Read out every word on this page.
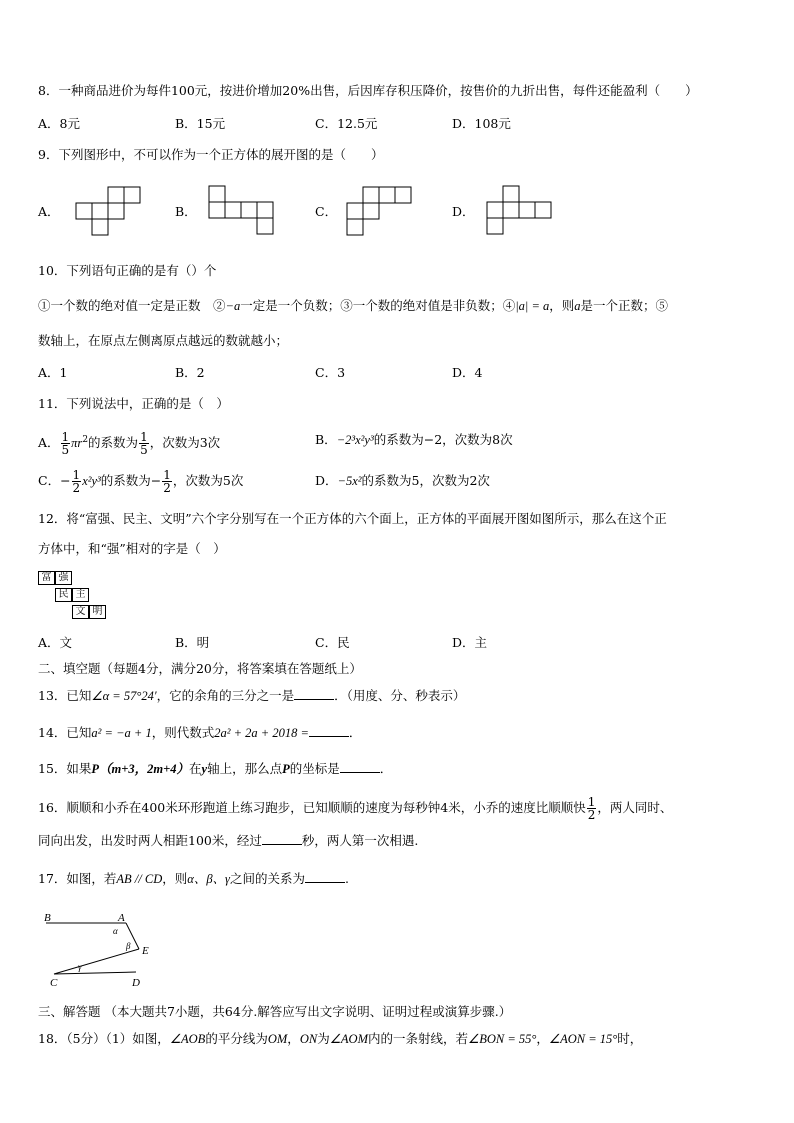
8．一种商品进价为每件100元，按进价增加20%出售，后因库存积压降价，按售价的九折出售，每件还能盈利（　　）
A．8元	B．15元	C．12.5元	D．108元
9．下列图形中，不可以作为一个正方体的展开图的是（　　）
A．	B．	C．	D．
10．下列语句正确的是有（）个
①一个数的绝对值一定是正数　②−a一定是一个负数；③一个数的绝对值是非负数；④|a| = a，则a是一个正数；⑤
数轴上，在原点左侧离原点越远的数就越小；
A．1	B．2	C．3	D．4
11．下列说法中，正确的是（　）
A． $\frac{1}{5} \pi r^2$的系数为 $\frac{1}{5}$ ，次数为3次	B．−2³x²y³的系数为−2，次数为8次
C．− $\frac{1}{2} x^2y^3$的系数为− $\frac{1}{2}$ ，次数为5次	D．−5x²的系数为5，次数为2次
12．将“富强、民主、文明”六个字分别写在一个正方体的六个面上，正方体的平面展开图如图所示，那么在这个正
方体中，和“强”相对的字是（　）
富 强
民 主
文 明
A．文	B．明	C．民	D．主
二、填空题（每题4分，满分20分，将答案填在答题纸上）
13．已知∠α = 57°24′，它的余角的三分之一是	．（用度、分、秒表示）
14．已知a² = −a + 1，则代数式2a² + 2a + 2018 =	．
15．如果P（m+3，2m+4）在y轴上，那么点P的坐标是	．
16．顺顺和小乔在400米环形跑道上练习跑步，已知顺顺的速度为每秒钟4米，小乔的速度比顺顺快 $\frac{1}{2}$ ，两人同时、
同向出发，出发时两人相距100米，经过	秒，两人第一次相遇.
17．如图，若AB // CD，则α、β、γ之间的关系为	.
B	A
α
E
β
γ
C	D
三、解答题 （本大题共7小题，共64分.解答应写出文字说明、证明过程或演算步骤.）
18．（5分）（1）如图，∠AOB的平分线为OM，ON为∠AOM内的一条射线，若∠BON = 55°，∠AON = 15°时，
